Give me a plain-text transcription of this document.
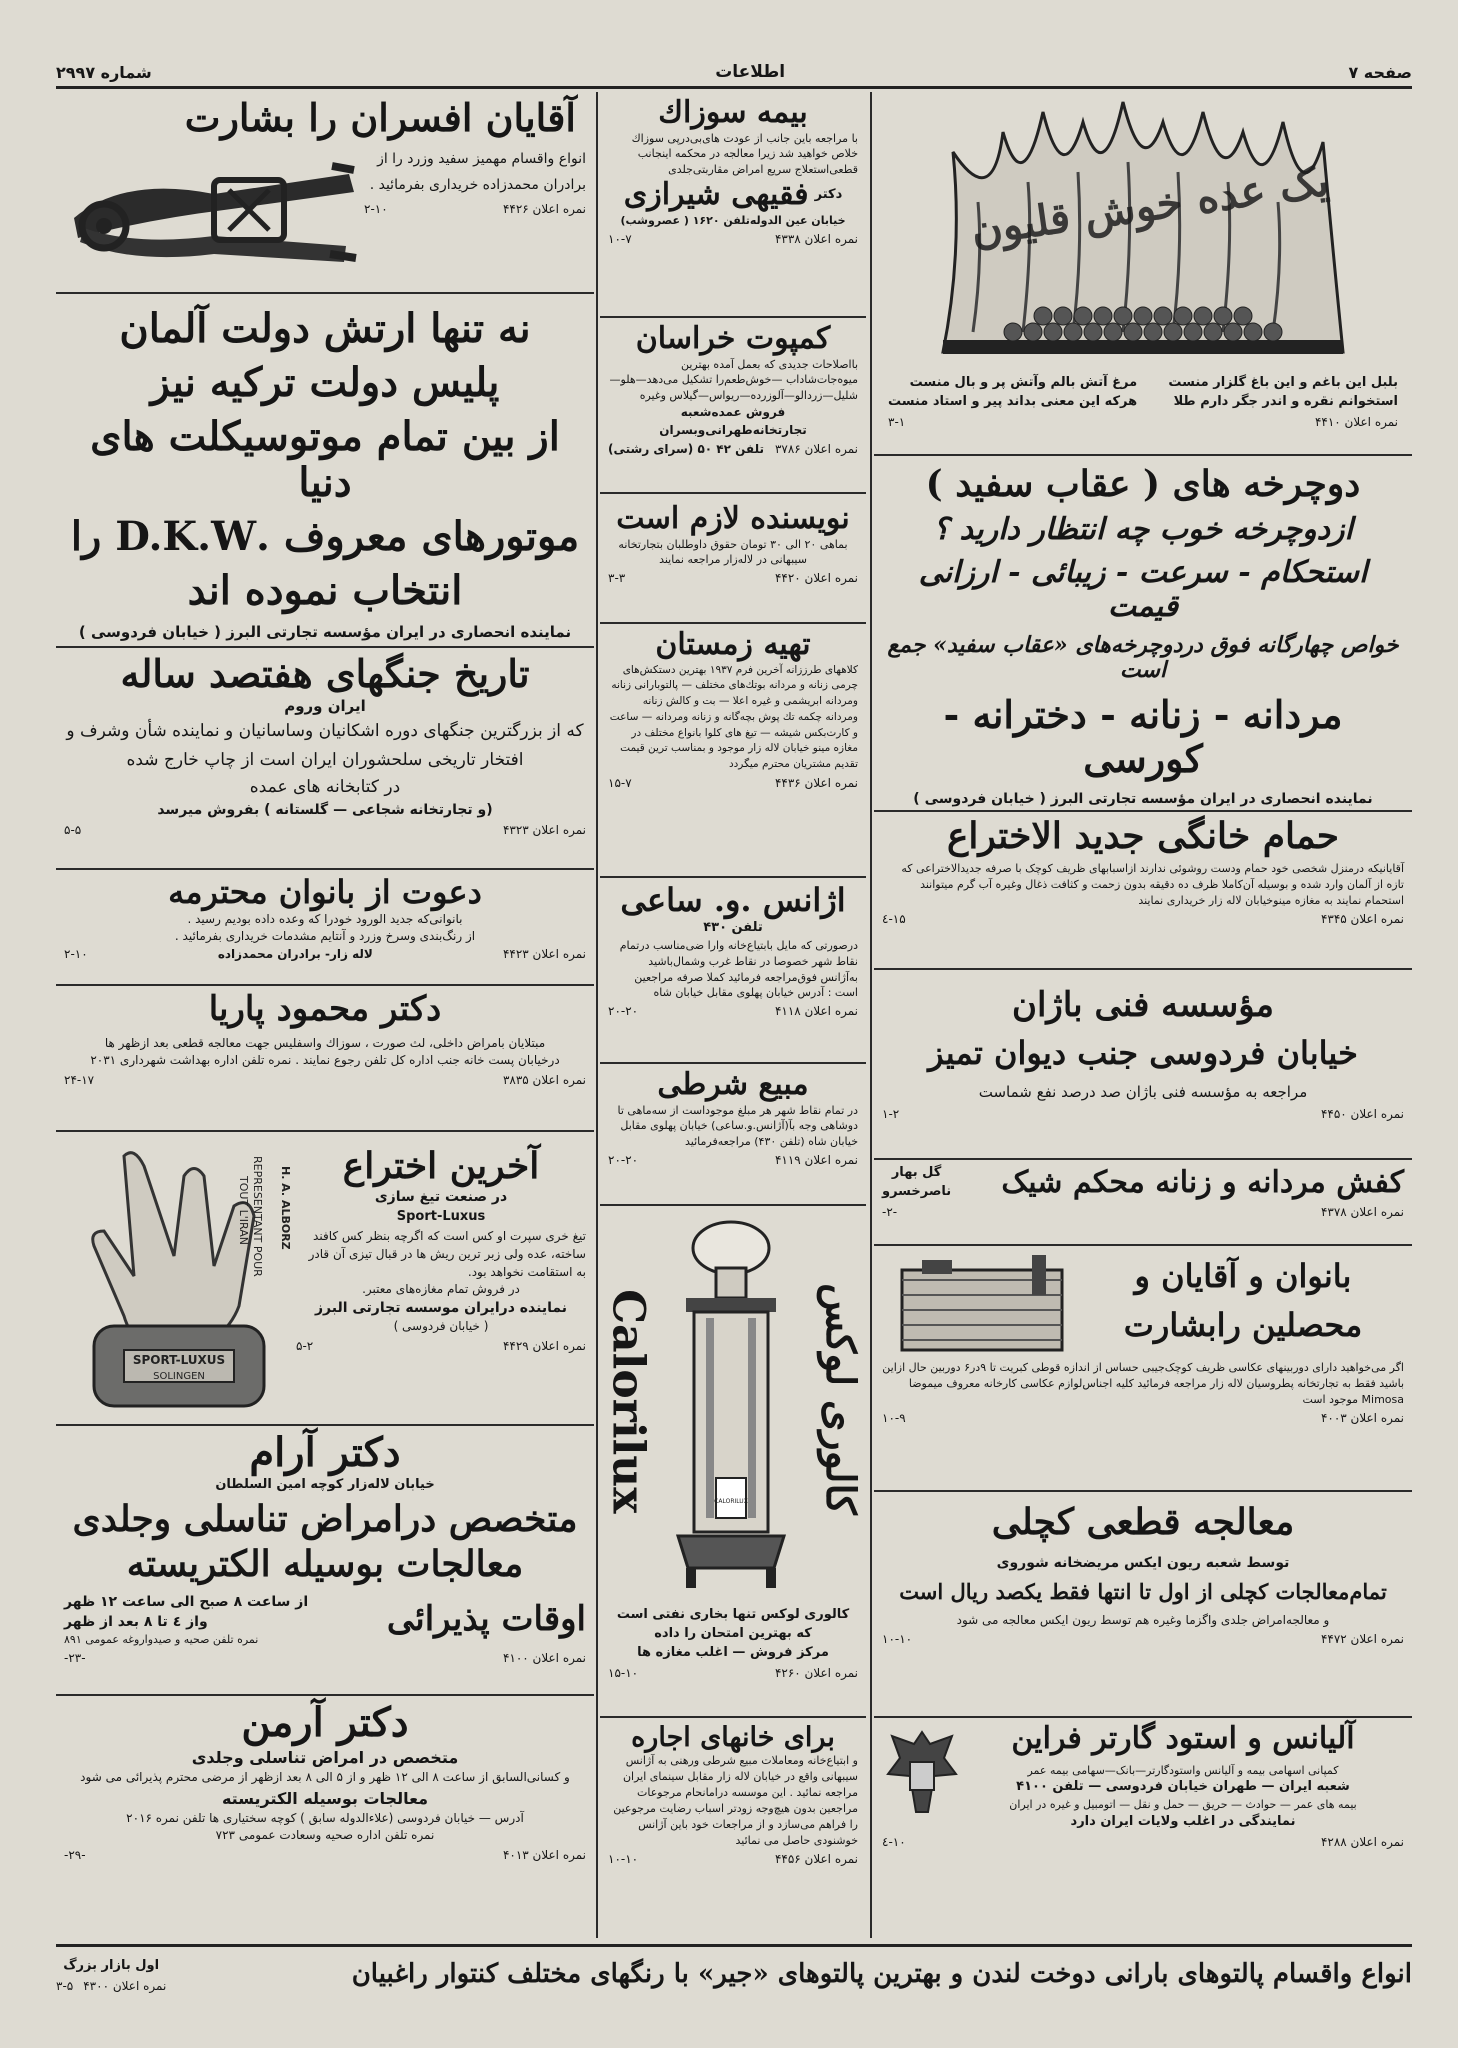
صفحه ۷
اطلاعات
شماره ۲۹۹۷
آقایان افسران را بشارت
انواع واقسام مهمیز سفید وزرد را از برادران محمدزاده خریداری بفرمائید .
نمره اعلان ۴۴۲۶
۲-۱۰
نه تنها ارتش دولت آلمان
پلیس دولت ترکیه نیز
از بین تمام موتوسیکلت های دنیا
موتورهای معروف .D.K.W را
انتخاب نموده اند
نماینده انحصاری در ایران مؤسسه تجارتی البرز ( خیابان فردوسی )
تاریخ جنگهای هفتصد ساله
ایران وروم
که از بزرگترین جنگهای دوره اشکانیان وساسانیان و نماینده شأن وشرف و افتخار تاریخی سلحشوران ایران است از چاپ خارج شده
در کتابخانه های عمده
(و تجارتخانه شجاعی — گلستانه ) بفروش میرسد
نمره اعلان ۴۳۲۳
۵-۵
دعوت از بانوان محترمه
بانوانی‌که جدید الورود خودرا که وعده داده بودیم رسید .
از رنگ‌بندی وسرخ وزرد و آنتایم مشدمات خریداری بفرمائید .
نمره اعلان ۴۴۲۳
لاله زار- برادران محمدزاده
۲-۱۰
دکتر محمود پاریا
مبتلایان بامراض داخلی، لث صورت ، سوزاك واسفلیس جهت معالجه قطعی بعد ازظهر ها
درخیابان پست خانه جنب اداره کل تلفن رجوع نمایند . نمره تلفن اداره بهداشت شهرداری ۲۰۳۱
نمره اعلان ۳۸۳۵
۲۴-۱۷
آخرین اختراع
در صنعت تیغ سازی
Sport-Luxus
تیغ خری سپرت او کس است که اگرچه بنظر کس کافند ساخته، عده ولی زبر ترین ریش ها در قبال تیزی آن قادر به استقامت نخواهد بود.
در فروش تمام مغازه‌های معتبر.
نماینده درایران موسسه تجارتی البرز
( خیابان فردوسی )
نمره اعلان ۴۴۲۹
۵-۲
SPORT-LUXUS
SOLINGEN
REPRESENTANT POUR
TOUT L'IRAN	H. A. ALBORZ
دکتر آرام
خیابان لاله‌زار کوچه امین السلطان
متخصص درامراض تناسلی وجلدی
معالجات بوسیله الکتریسته
اوقات پذیرائی
از ساعت ۸ صبح الی ساعت ۱۲ ظهر
واز ٤ تا ۸ بعد از ظهر
نمره تلفن صحیه و صیدواروغه عمومی ۸۹۱
نمره اعلان ۴۱۰۰
-۲۳-
دکتر آرمن
متخصص در امراض تناسلی وجلدی
و کسانی‌السابق از ساعت ۸ الی ۱۲ ظهر و از ۵ الی ۸ بعد ازظهر از مرضی محترم پذیرائی می شود
معالجات بوسیله الکتریسته
آدرس — خیابان فردوسی (علاءالدوله سابق ) کوچه سختیاری ها تلفن نمره ۲۰۱۶
نمره تلفن اداره صحیه وسعادت عمومی ۷۲۳
نمره اعلان ۴۰۱۳
-۲۹-
بیمه سوزاك
با مراجعه باین جانب از عودت هاى‌بى‌درپى سوزاك خلاص خواهید شد زیرا معالجه در محکمه اینجانب قطعی‌استعلاج سریع امراض مقاربتی‌جلدی
دکتر
فقیهی شیرازی
خیابان عین الدوله‌تلفن ۱۶۲۰ ( عصروشب)
نمره اعلان ۴۳۳۸
۱۰-۷
کمپوت خراسان
بااصلاحات جدیدی که بعمل آمده بهترین میوه‌جات‌شاداب —خوش‌طعم‌را تشکیل می‌دهد—هلو— شلیل—زردالو—آلوزرده—ریواس—گیلاس وغیره
فروش عمده‌شعبه تجارتخانه‌طهرانی‌وبسران
نمره اعلان ۳۷۸۶
تلفن ۴۲ ۵۰ (سرای رشتی)
نویسنده لازم است
بماهی ۲۰ الی ۳۰ تومان حقوق داوطلبان بتجارتخانه سیبهانی در لاله‌زار مراجعه نمایند
نمره اعلان ۴۴۲۰
۳-۳
تهیه زمستان
کلاههای طرززانه آخرین فرم ۱۹۳۷ بهترین دستکش‌های چرمی زنانه و مردانه بوتك‌های مختلف — پالتوبارانی زنانه ومردانه ابریشمی و غیره اعلا — بت و کالش زنانه ومردانه چکمه تك پوش بچه‌گانه و زنانه ومردانه — ساعت و کارت‌بکس شیشه — تیغ های کلوا بانواع مختلف در مغازه مینو خیابان لاله زار موجود و بمناسب ترین قیمت تقدیم مشتریان محترم میگردد
نمره اعلان ۴۴۳۶
۱۵-۷
اژانس .و. ساعی
تلفن ۴۳۰
درصورتی که مایل بابتیاع‌خانه وارا ضی‌مناسب درتمام نقاط شهر خصوصا در نقاط غرب وشمال‌باشید به‌آژانس فوق‌مراجعه فرمائید کملا صرفه مراجعین است : آدرس خیابان پهلوی مقابل خیابان شاه
نمره اعلان ۴۱۱۸
۲۰-۲۰
مبیع شرطی
در تمام نقاط شهر هر مبلغ موجوداست از سه‌ماهی تا دوشاهی وجه بآ(آژانس.و.ساعی) خیابان پهلوی مقابل خیابان شاه (تلفن ۴۳۰) مراجعه‌فرمائید
نمره اعلان ۴۱۱۹
۲۰-۲۰
Calorilux	CALORILUX کالوری لوکس
کالوری لوکس تنها بخاری نفتی است
که بهترین امتحان را داده
مرکز فروش — اغلب مغازه ها
نمره اعلان ۴۲۶۰
۱۵-۱۰
برای خانهای اجاره
و ابتیاع‌خانه ومعاملات مبیع شرطی ورهنی به آژانس سیبهانی واقع در خیابان لاله زار مقابل سینمای ایران مراجعه نمائید . این موسسه درامانحام مرجوعات مراجعین بدون هیچ‌وجه زودتر اسباب رضایت مرجوعین را فراهم می‌سازد و از مراجعات خود باین آژانس خوشنودی حاصل می نمائید
نمره اعلان ۴۴۵۶
۱۰-۱۰
یک عده خوش قلیون
بلبل این باغم و این باغ گلزار منست
استخوانم نقره و اندر جگر دارم طلا
مرغ آتش بالم وآتش پر و بال منست
هرکه این معنی بداند پیر و استاد منست
نمره اعلان ۴۴۱۰
۳-۱
دوچرخه های ( عقاب سفید )
ازدوچرخه خوب چه انتظار دارید ؟
استحکام - سرعت - زیبائی - ارزانی قیمت
خواص چهارگانه فوق دردوچرخه‌های «عقاب سفید» جمع است
مردانه - زنانه - دخترانه - کورسی
نماینده انحصاری در ایران مؤسسه تجارتی البرز ( خیابان فردوسی )
حمام خانگی جدید الاختراع
آقایانیکه درمنزل شخصی خود حمام ودست روشوئی ندارند ازاسبابهای ظریف کوچک با صرفه جدیدالاختراعی که تازه از آلمان وارد شده و بوسیله آن‌کاملا ظرف ده دقیقه بدون زحمت و کثافت ذغال وغیره آب گرم میتوانند استحمام نمایند به مغازه مینوخیابان لاله زار خریداری نمایند
نمره اعلان ۴۳۴۵
۱۵-٤
مؤسسه فنی باژان
خیابان فردوسی جنب دیوان تمیز
مراجعه به مؤسسه فنی باژان صد درصد نفع شماست
نمره اعلان ۴۴۵۰
۱-۲
کفش مردانه و زنانه محکم شیک
گل بهار
ناصرخسرو
نمره اعلان ۴۳۷۸
-۲-
بانوان و آقایان و
محصلین رابشارت
اگر می‌خواهید دارای دوربینهای عکاسی ظریف کوچک‌جیبی حساس از اندازه قوطی کبریت تا ۹در۶ دوربین حال ازاین باشید فقط به تجارتخانه پطروسیان لاله زار مراجعه فرمائید کلیه اجناس‌لوازم عکاسی کارخانه معروف میموضا Mimosa موجود است
نمره اعلان ۴۰۰۳
۱۰-۹
معالجه قطعی کچلی
توسط شعبه ریون ایکس مریضخانه شوروی
تمام‌معالجات کچلی از اول تا انتها فقط یکصد ریال است
و معالجه‌امراض جلدی واگزما وغیره هم توسط ریون ایکس معالجه می شود
نمره اعلان ۴۴۷۲
۱۰-۱۰
آلیانس و استود گارتر فراین
کمپانی اسهامی بیمه و آلیانس واستودگارتر—بانک—سهامی بیمه عمر
شعبه ایران — طهران خیابان فردوسی — تلفن ۴۱۰۰
بیمه های عمر — حوادث — حریق — حمل و نقل — اتومبیل و غیره در ایران
نمایندگی در اغلب ولایات ایران دارد
نمره اعلان ۴۲۸۸
۱۰-٤
انواع واقسام پالتوهای بارانی دوخت لندن و بهترین پالتوهای «جیر» با رنگهای مختلف کنتوار راغبیان
اول بازار بزرگ
نمره اعلان ۴۳۰۰
۳-۵
